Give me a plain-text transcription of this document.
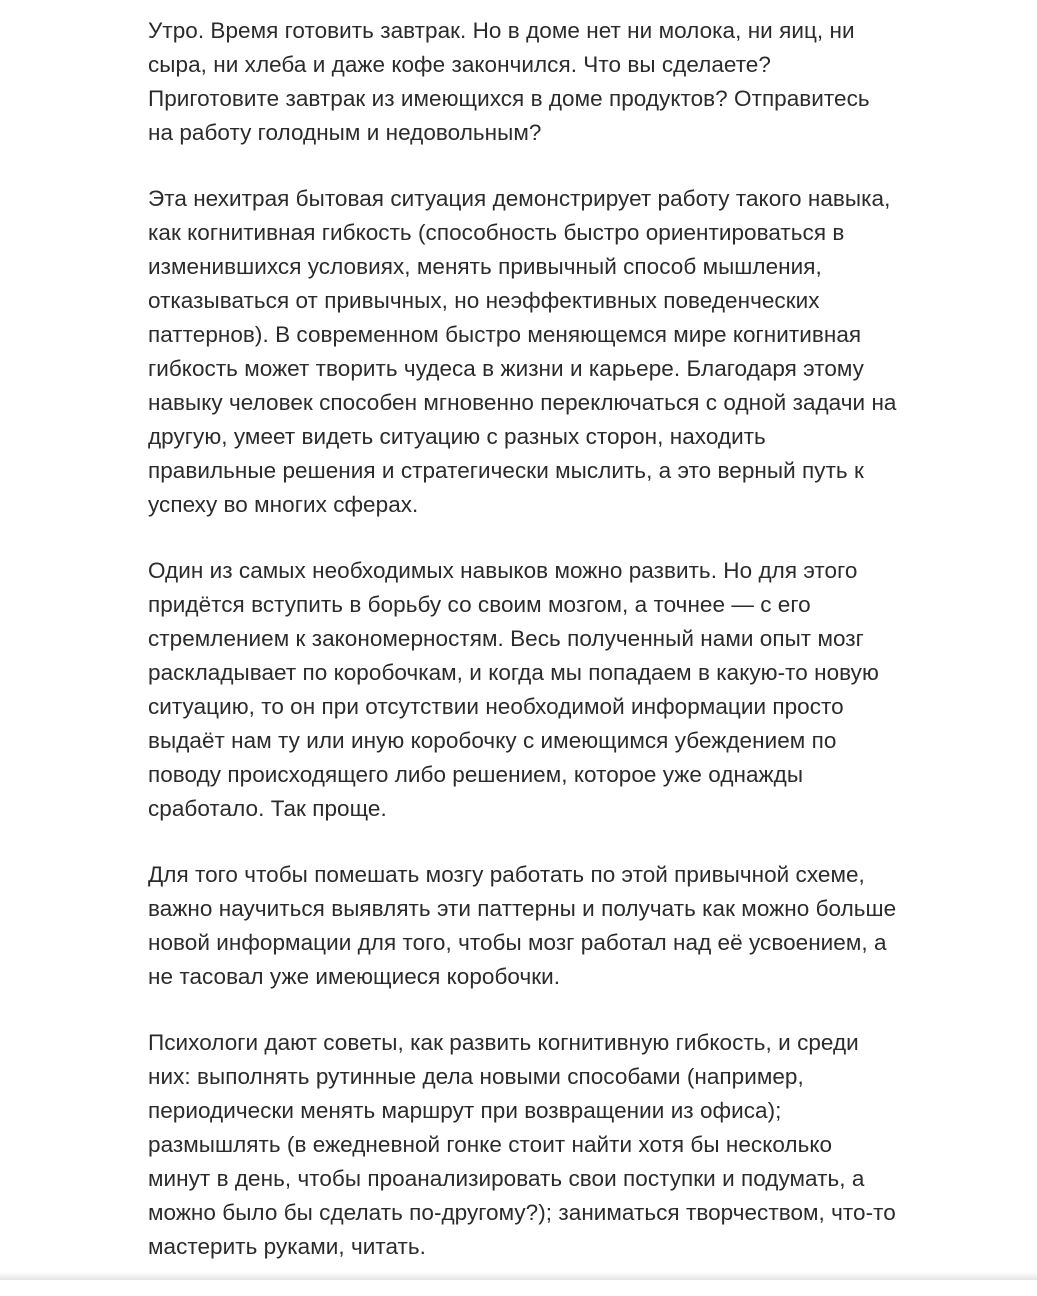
Утро. Время готовить завтрак. Но в доме нет ни молока, ни яиц, ни
сыра, ни хлеба и даже кофе закончился. Что вы сделаете?
Приготовите завтрак из имеющихся в доме продуктов? Отправитесь
на работу голодным и недовольным?

Эта нехитрая бытовая ситуация демонстрирует работу такого навыка,
как когнитивная гибкость (способность быстро ориентироваться в
изменившихся условиях, менять привычный способ мышления,
отказываться от привычных, но неэффективных поведенческих
паттернов). В современном быстро меняющемся мире когнитивная
гибкость может творить чудеса в жизни и карьере. Благодаря этому
навыку человек способен мгновенно переключаться с одной задачи на
другую, умеет видеть ситуацию с разных сторон, находить
правильные решения и стратегически мыслить, а это верный путь к
успеху во многих сферах.

Один из самых необходимых навыков можно развить. Но для этого
придётся вступить в борьбу со своим мозгом, а точнее — с его
стремлением к закономерностям. Весь полученный нами опыт мозг
раскладывает по коробочкам, и когда мы попадаем в какую-то новую
ситуацию, то он при отсутствии необходимой информации просто
выдаёт нам ту или иную коробочку с имеющимся убеждением по
поводу происходящего либо решением, которое уже однажды
сработало. Так проще.

Для того чтобы помешать мозгу работать по этой привычной схеме,
важно научиться выявлять эти паттерны и получать как можно больше
новой информации для того, чтобы мозг работал над её усвоением, а
не тасовал уже имеющиеся коробочки.

Психологи дают советы, как развить когнитивную гибкость, и среди
них: выполнять рутинные дела новыми способами (например,
периодически менять маршрут при возвращении из офиса);
размышлять (в ежедневной гонке стоит найти хотя бы несколько
минут в день, чтобы проанализировать свои поступки и подумать, а
можно было бы сделать по-другому?); заниматься творчеством, что-то
мастерить руками, читать.
